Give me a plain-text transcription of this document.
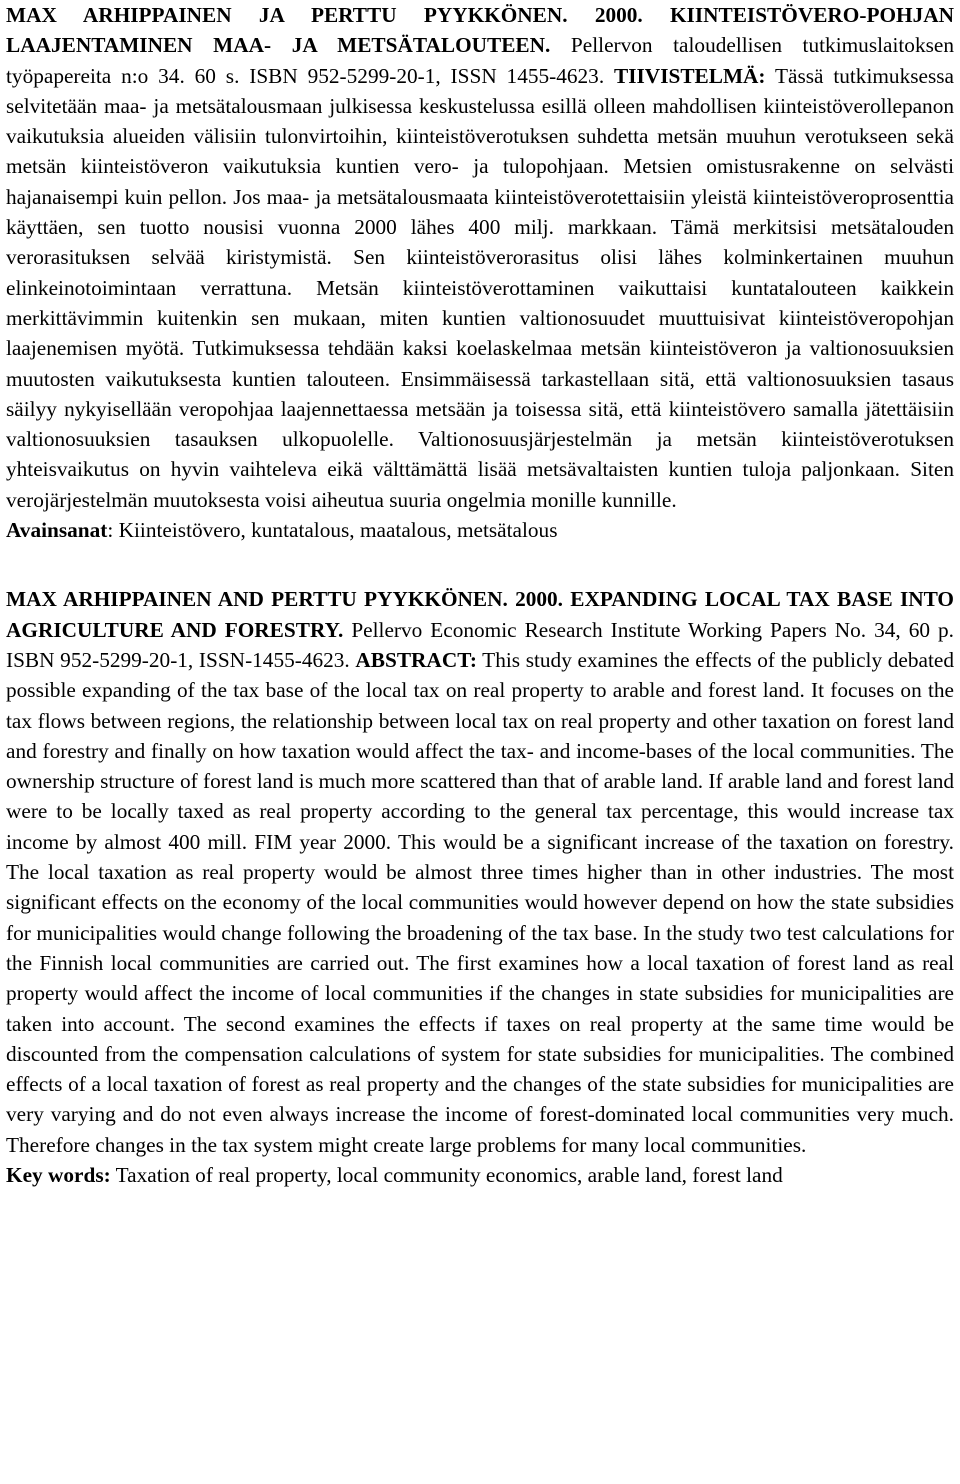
MAX ARHIPPAINEN JA PERTTU PYYKKÖNEN. 2000. KIINTEISTÖVERO-POHJAN LAAJENTAMINEN MAA- JA METSÄTALOUTEEN. Pellervon taloudellisen tutkimuslaitoksen työpapereita n:o 34. 60 s. ISBN 952-5299-20-1, ISSN 1455-4623. TIIVISTELMÄ: Tässä tutkimuksessa selvitetään maa- ja metsätalousmaan julkisessa keskustelussa esillä olleen mahdollisen kiinteistöverollepanon vaikutuksia alueiden välisiin tulonvirtoihin, kiinteistöverotuksen suhdetta metsän muuhun verotukseen sekä metsän kiinteistöveron vaikutuksia kuntien vero- ja tulopohjaan. Metsien omistusrakenne on selvästi hajanaisempi kuin pellon. Jos maa- ja metsätalousmaata kiinteistöverotettaisiin yleistä kiinteistöveroprosenttia käyttäen, sen tuotto nousisi vuonna 2000 lähes 400 milj. markkaan. Tämä merkitsisi metsätalouden verorasituksen selvää kiristymistä. Sen kiinteistöverorasitus olisi lähes kolminkertainen muuhun elinkeinotoimintaan verrattuna. Metsän kiinteistöverottaminen vaikuttaisi kuntatalouteen kaikkein merkittävimmin kuitenkin sen mukaan, miten kuntien valtionosuudet muuttuisivat kiinteistöveropohjan laajenemisen myötä. Tutkimuksessa tehdään kaksi koelaskelmaa metsän kiinteistöveron ja valtionosuuksien muutosten vaikutuksesta kuntien talouteen. Ensimmäisessä tarkastellaan sitä, että valtionosuuksien tasaus säilyy nykyisellään veropohjaa laajennettaessa metsään ja toisessa sitä, että kiinteistövero samalla jätettäisiin valtionosuuksien tasauksen ulkopuolelle. Valtionosuusjärjestelmän ja metsän kiinteistöverotuksen yhteisvaikutus on hyvin vaihteleva eikä välttämättä lisää metsävaltaisten kuntien tuloja paljonkaan. Siten verojärjestelmän muutoksesta voisi aiheutua suuria ongelmia monille kunnille.

Avainsanat: Kiinteistövero, kuntatalous, maatalous, metsätalous

MAX ARHIPPAINEN AND PERTTU PYYKKÖNEN. 2000. EXPANDING LOCAL TAX BASE INTO AGRICULTURE AND FORESTRY. Pellervo Economic Research Institute Working Papers No. 34, 60 p. ISBN 952-5299-20-1, ISSN-1455-4623. ABSTRACT: This study examines the effects of the publicly debated possible expanding of the tax base of the local tax on real property to arable and forest land. It focuses on the tax flows between regions, the relationship between local tax on real property and other taxation on forest land and forestry and finally on how taxation would affect the tax- and income-bases of the local communities. The ownership structure of forest land is much more scattered than that of arable land. If arable land and forest land were to be locally taxed as real property according to the general tax percentage, this would increase tax income by almost 400 mill. FIM year 2000. This would be a significant increase of the taxation on forestry. The local taxation as real property would be almost three times higher than in other industries. The most significant effects on the economy of the local communities would however depend on how the state subsidies for municipalities would change following the broadening of the tax base. In the study two test calculations for the Finnish local communities are carried out. The first examines how a local taxation of forest land as real property would affect the income of local communities if the changes in state subsidies for municipalities are taken into account. The second examines the effects if taxes on real property at the same time would be discounted from the compensation calculations of system for state subsidies for municipalities. The combined effects of a local taxation of forest as real property and the changes of the state subsidies for municipalities are very varying and do not even always increase the income of forest-dominated local communities very much. Therefore changes in the tax system might create large problems for many local communities.

Key words: Taxation of real property, local community economics, arable land, forest land
